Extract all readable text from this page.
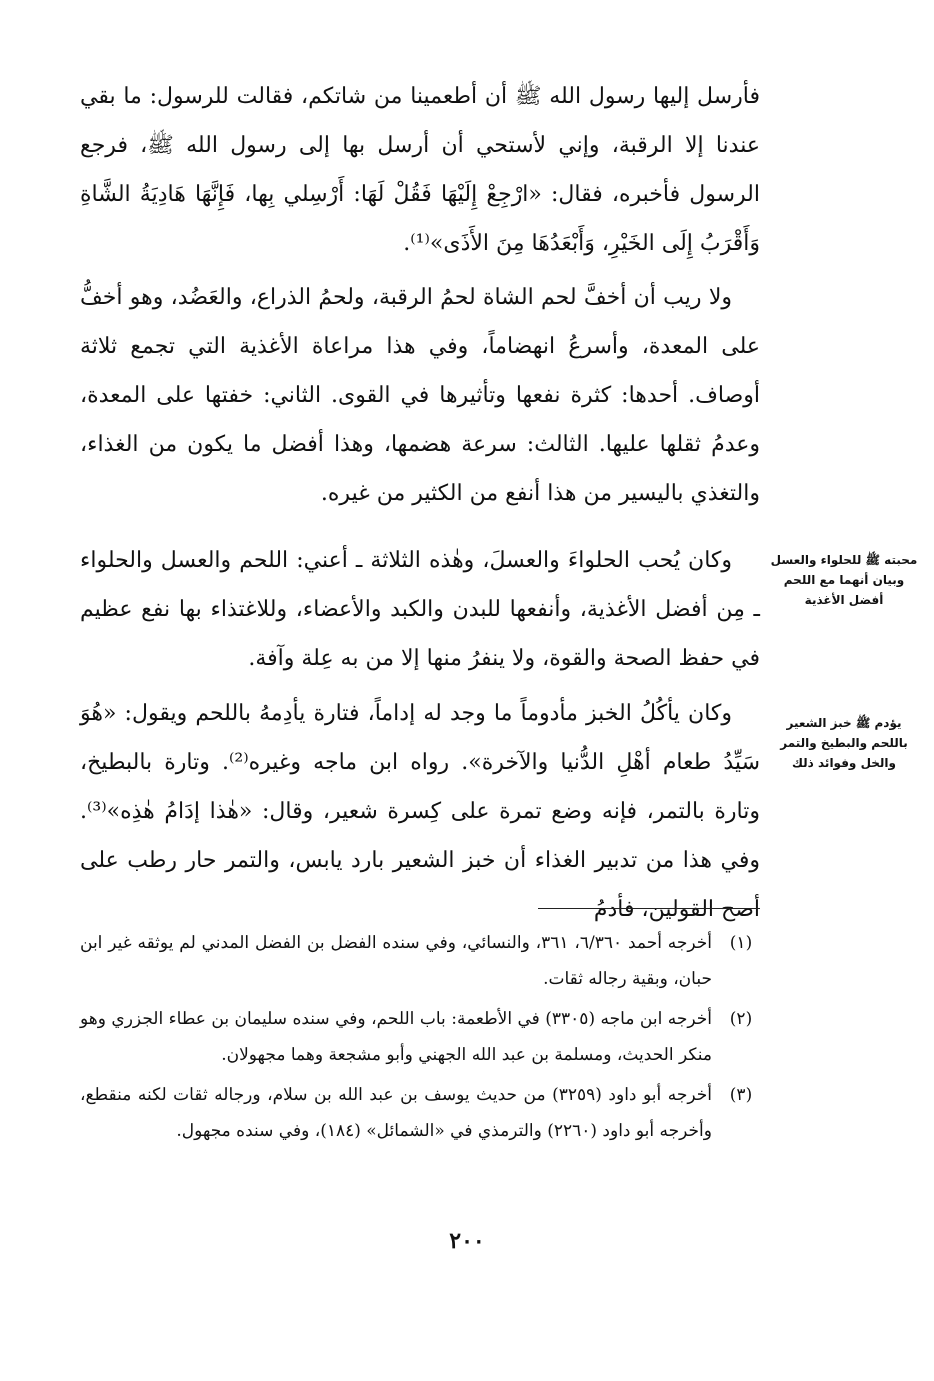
فأرسل إليها رسول الله ﷺ أن أطعمينا من شاتكم، فقالت للرسول: ما بقي عندنا إلا الرقبة، وإني لأستحي أن أرسل بها إلى رسول الله ﷺ، فرجع الرسول فأخبره، فقال: «ارْجِعْ إِلَيْهَا فَقُلْ لَهَا: أَرْسِلي بِها، فَإِنَّهَا هَادِيَةُ الشَّاةِ وَأَقْرَبُ إِلَى الخَيْرِ، وَأَبْعَدُهَا مِنَ الأَذَى»⁽¹⁾.

ولا ريب أن أخفَّ لحم الشاة لحمُ الرقبة، ولحمُ الذراع، والعَضُد، وهو أخفُّ على المعدة، وأسرعُ انهضاماً، وفي هذا مراعاة الأغذية التي تجمع ثلاثة أوصاف. أحدها: كثرة نفعها وتأثيرها في القوى. الثاني: خفتها على المعدة، وعدمُ ثقلها عليها. الثالث: سرعة هضمها، وهذا أفضل ما يكون من الغذاء، والتغذي باليسير من هذا أنفع من الكثير من غيره.

وكان يُحب الحلواءَ والعسلَ، وهٰذه الثلاثة ـ أعني: اللحم والعسل والحلواء ـ مِن أفضل الأغذية، وأنفعها للبدن والكبد والأعضاء، وللاغتذاء بها نفع عظيم في حفظ الصحة والقوة، ولا ينفرُ منها إلا من به عِلة وآفة.

وكان يأكُلُ الخبز مأدوماً ما وجد له إداماً، فتارة يأدِمهُ باللحم ويقول: «هُوَ سَيِّدُ طعام أهْلِ الدُّنيا والآخرة». رواه ابن ماجه وغيره⁽²⁾. وتارة بالبطيخ، وتارة بالتمر، فإنه وضع تمرة على كِسرة شعير، وقال: «هٰذا إدَامُ هٰذِه»⁽³⁾. وفي هذا من تدبير الغذاء أن خبز الشعير بارد يابس، والتمر حار رطب على أصح القولين، فأدمُ

محبته ﷺ للحلواء والعسل وبيان أنهما مع اللحم أفضل الأغذية

يؤدم ﷺ خبز الشعير باللحم والبطيخ والتمر والخل وفوائد ذلك

(١)
أخرجه أحمد ٦/٣٦٠، ٣٦١، والنسائي، وفي سنده الفضل بن الفضل المدني لم يوثقه غير ابن حبان، وبقية رجاله ثقات.
(٢)
أخرجه ابن ماجه (٣٣٠٥) في الأطعمة: باب اللحم، وفي سنده سليمان بن عطاء الجزري وهو منكر الحديث، ومسلمة بن عبد الله الجهني وأبو مشجعة وهما مجهولان.
(٣)
أخرجه أبو داود (٣٢٥٩) من حديث يوسف بن عبد الله بن سلام، ورجاله ثقات لكنه منقطع، وأخرجه أبو داود (٢٢٦٠) والترمذي في «الشمائل» (١٨٤)، وفي سنده مجهول.
٢٠٠
